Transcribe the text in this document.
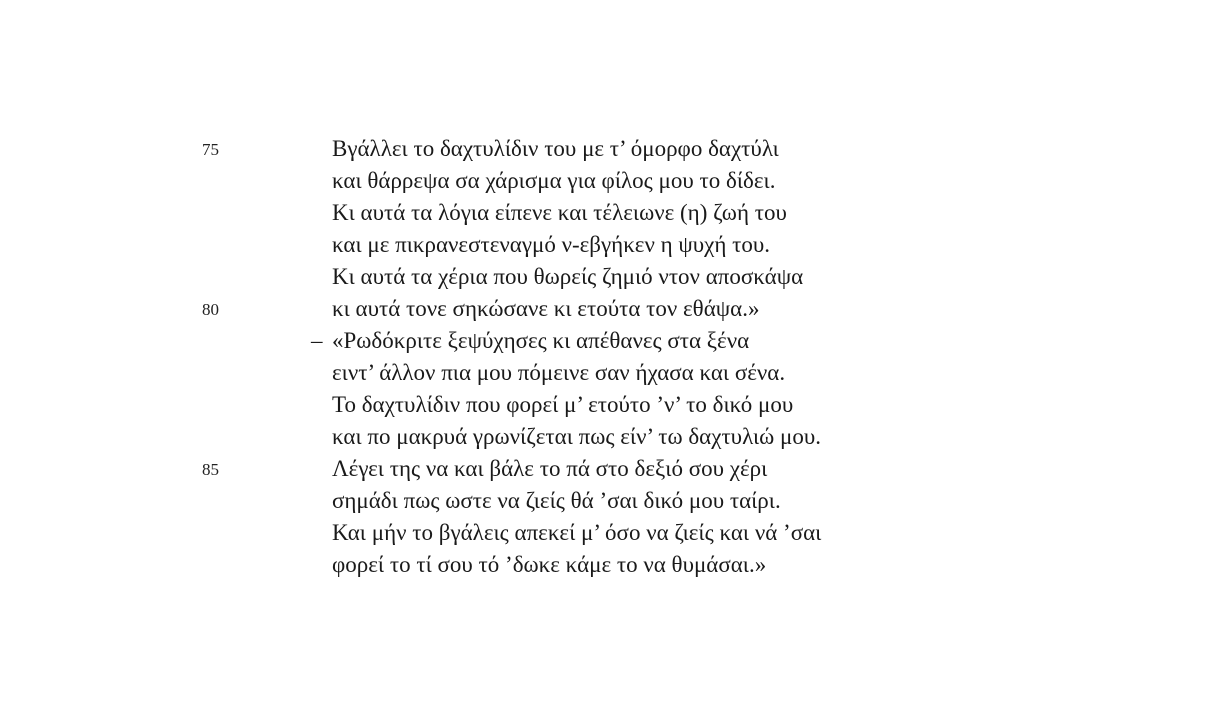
75	Βγάλλει το δαχτυλίδιν του με τ’ όμορφο δαχτύλι
και θάρρεψα σα χάρισμα για φίλος μου το δίδει.
Κι αυτά τα λόγια είπενε και τέλειωνε (η) ζωή του
και με πικρανεστεναγμό ν-εβγήκεν η ψυχή του.
Κι αυτά τα χέρια που θωρείς ζημιό ντον αποσκάψα
80	κι αυτά τονε σηκώσανε κι ετούτα τον εθάψα.»
– «Ρωδόκριτε ξεψύχησες κι απέθανες στα ξένα
ειντ’ άλλον πια μου πόμεινε σαν ήχασα και σένα.
Το δαχτυλίδιν που φορεί μ’ ετούτο ’ν’ το δικό μου
και πο μακρυά γρωνίζεται πως είν’ τω δαχτυλιώ μου.
85	Λέγει της να και βάλε το πά στο δεξιό σου χέρι
σημάδι πως ωστε να ζιείς θά ’σαι δικό μου ταίρι.
Και μήν το βγάλεις απεκεί μ’ όσο να ζιείς και νά ’σαι
φορεί το τί σου τό ’δωκε κάμε το να θυμάσαι.»
